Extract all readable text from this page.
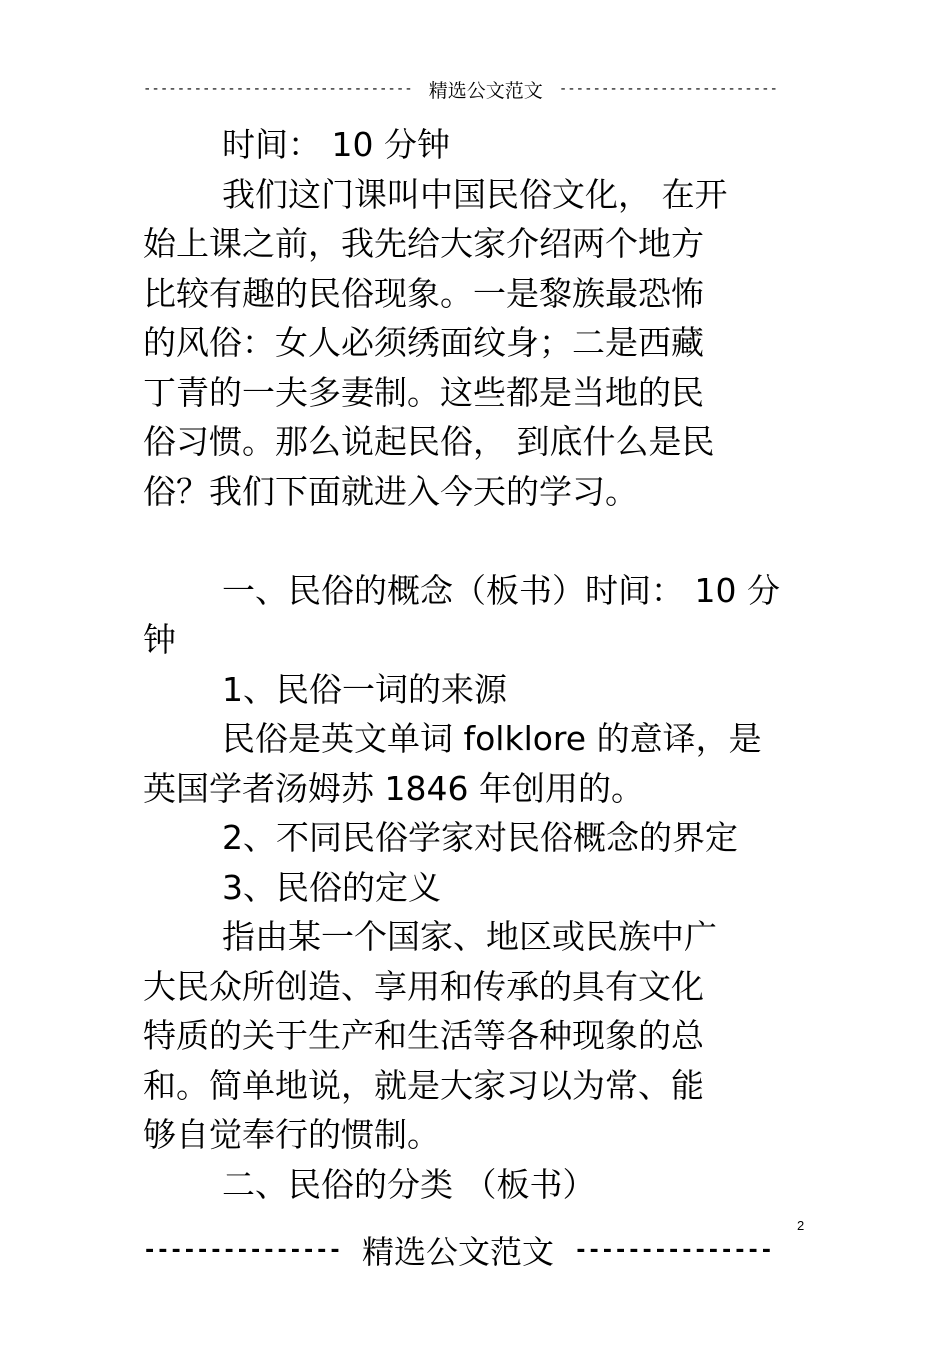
-------------------------------- 精选公文范文	--------------------------
时间： 10 分钟
我们这门课叫中国民俗文化， 在开
始上课之前，我先给大家介绍两个地方
比较有趣的民俗现象。一是黎族最恐怖
的风俗：女人必须绣面纹身；二是西藏
丁青的一夫多妻制。这些都是当地的民
俗习惯。那么说起民俗， 到底什么是民
俗？我们下面就进入今天的学习。
一、民俗的概念（板书）时间： 10 分
钟
1、民俗一词的来源
民俗是英文单词 folklore 的意译，是
英国学者汤姆苏 1846 年创用的。
2、不同民俗学家对民俗概念的界定
3、民俗的定义
指由某一个国家、地区或民族中广
大民众所创造、享用和传承的具有文化
特质的关于生产和生活等各种现象的总
和。简单地说，就是大家习以为常、能
够自觉奉行的惯制。
二、民俗的分类 （板书）
2
--------------- 精选公文范文 ---------------
